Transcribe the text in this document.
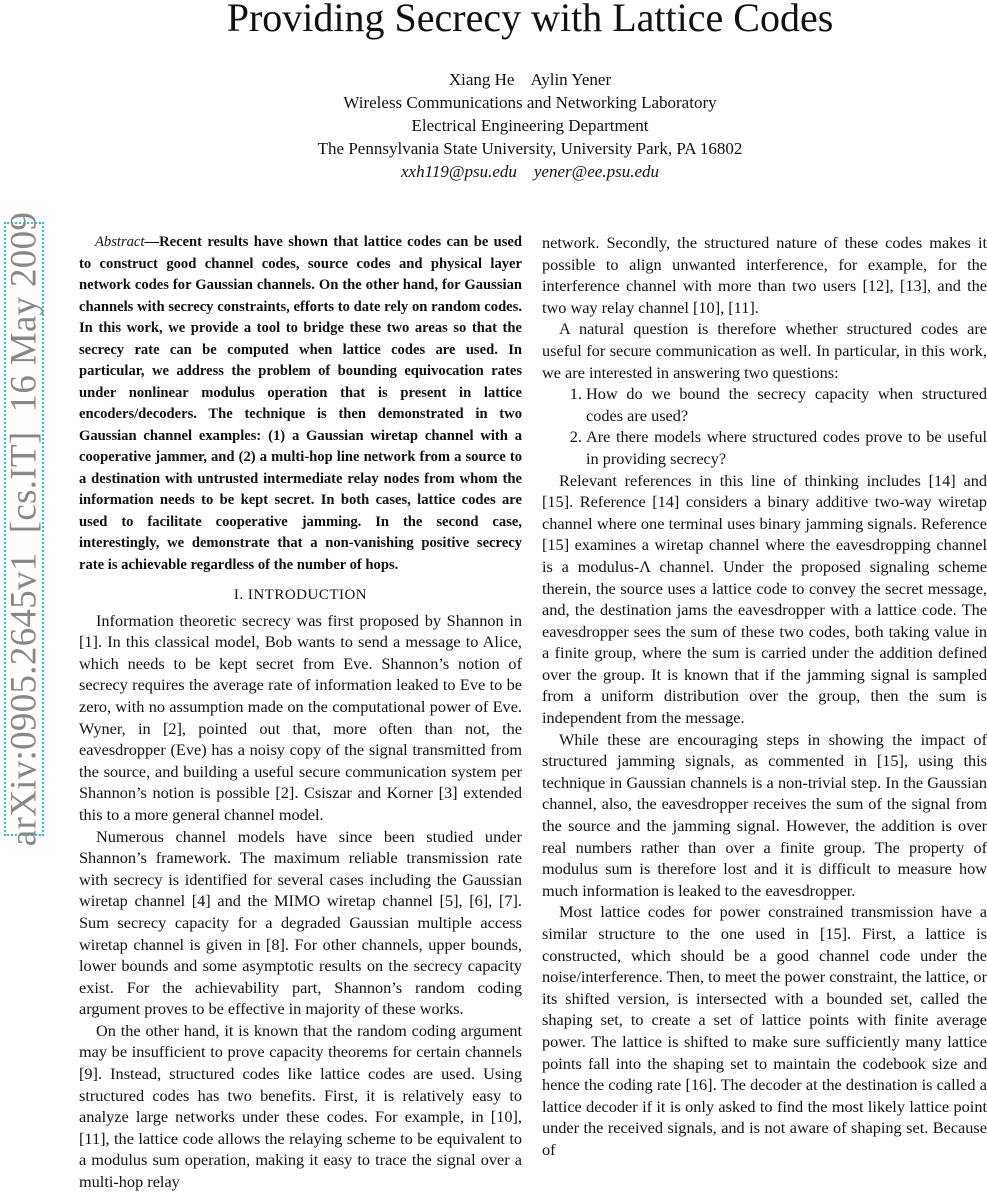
Providing Secrecy with Lattice Codes
Xiang He    Aylin Yener
Wireless Communications and Networking Laboratory
Electrical Engineering Department
The Pennsylvania State University, University Park, PA 16802
xxh119@psu.edu    yener@ee.psu.edu
arXiv:0905.2645v1  [cs.IT]  16 May 2009	Abstract—Recent results have shown that lattice codes can be used to construct good channel codes, source codes and physical layer network codes for Gaussian channels. On the other hand, for Gaussian channels with secrecy constraints, efforts to date rely on random codes. In this work, we provide a tool to bridge these two areas so that the secrecy rate can be computed when lattice codes are used. In particular, we address the problem of bounding equivocation rates under nonlinear modulus operation that is present in lattice encoders/decoders. The technique is then demonstrated in two Gaussian channel examples: (1) a Gaussian wiretap channel with a cooperative jammer, and (2) a multi-hop line network from a source to a destination with untrusted intermediate relay nodes from whom the information needs to be kept secret. In both cases, lattice codes are used to facilitate cooperative jamming. In the second case, interestingly, we demonstrate that a non-vanishing positive secrecy rate is achievable regardless of the number of hops.

I. INTRODUCTION

Information theoretic secrecy was first proposed by Shannon in [1]. In this classical model, Bob wants to send a message to Alice, which needs to be kept secret from Eve. Shannon’s notion of secrecy requires the average rate of information leaked to Eve to be zero, with no assumption made on the computational power of Eve. Wyner, in [2], pointed out that, more often than not, the eavesdropper (Eve) has a noisy copy of the signal transmitted from the source, and building a useful secure communication system per Shannon’s notion is possible [2]. Csiszar and Korner [3] extended this to a more general channel model.

Numerous channel models have since been studied under Shannon’s framework. The maximum reliable transmission rate with secrecy is identified for several cases including the Gaussian wiretap channel [4] and the MIMO wiretap channel [5], [6], [7]. Sum secrecy capacity for a degraded Gaussian multiple access wiretap channel is given in [8]. For other channels, upper bounds, lower bounds and some asymptotic results on the secrecy capacity exist. For the achievability part, Shannon’s random coding argument proves to be effective in majority of these works.

On the other hand, it is known that the random coding argument may be insufficient to prove capacity theorems for certain channels [9]. Instead, structured codes like lattice codes are used. Using structured codes has two benefits. First, it is relatively easy to analyze large networks under these codes. For example, in [10], [11], the lattice code allows the relaying scheme to be equivalent to a modulus sum operation, making it easy to trace the signal over a multi-hop relay

network. Secondly, the structured nature of these codes makes it possible to align unwanted interference, for example, for the interference channel with more than two users [12], [13], and the two way relay channel [10], [11].

A natural question is therefore whether structured codes are useful for secure communication as well. In particular, in this work, we are interested in answering two questions:

1. How do we bound the secrecy capacity when structured codes are used?
2. Are there models where structured codes prove to be useful in providing secrecy?

Relevant references in this line of thinking includes [14] and [15]. Reference [14] considers a binary additive two-way wiretap channel where one terminal uses binary jamming signals. Reference [15] examines a wiretap channel where the eavesdropping channel is a modulus-Λ channel. Under the proposed signaling scheme therein, the source uses a lattice code to convey the secret message, and, the destination jams the eavesdropper with a lattice code. The eavesdropper sees the sum of these two codes, both taking value in a finite group, where the sum is carried under the addition defined over the group. It is known that if the jamming signal is sampled from a uniform distribution over the group, then the sum is independent from the message.

While these are encouraging steps in showing the impact of structured jamming signals, as commented in [15], using this technique in Gaussian channels is a non-trivial step. In the Gaussian channel, also, the eavesdropper receives the sum of the signal from the source and the jamming signal. However, the addition is over real numbers rather than over a finite group. The property of modulus sum is therefore lost and it is difficult to measure how much information is leaked to the eavesdropper.

Most lattice codes for power constrained transmission have a similar structure to the one used in [15]. First, a lattice is constructed, which should be a good channel code under the noise/interference. Then, to meet the power constraint, the lattice, or its shifted version, is intersected with a bounded set, called the shaping set, to create a set of lattice points with finite average power. The lattice is shifted to make sure sufficiently many lattice points fall into the shaping set to maintain the codebook size and hence the coding rate [16]. The decoder at the destination is called a lattice decoder if it is only asked to find the most likely lattice point under the received signals, and is not aware of shaping set. Because of
